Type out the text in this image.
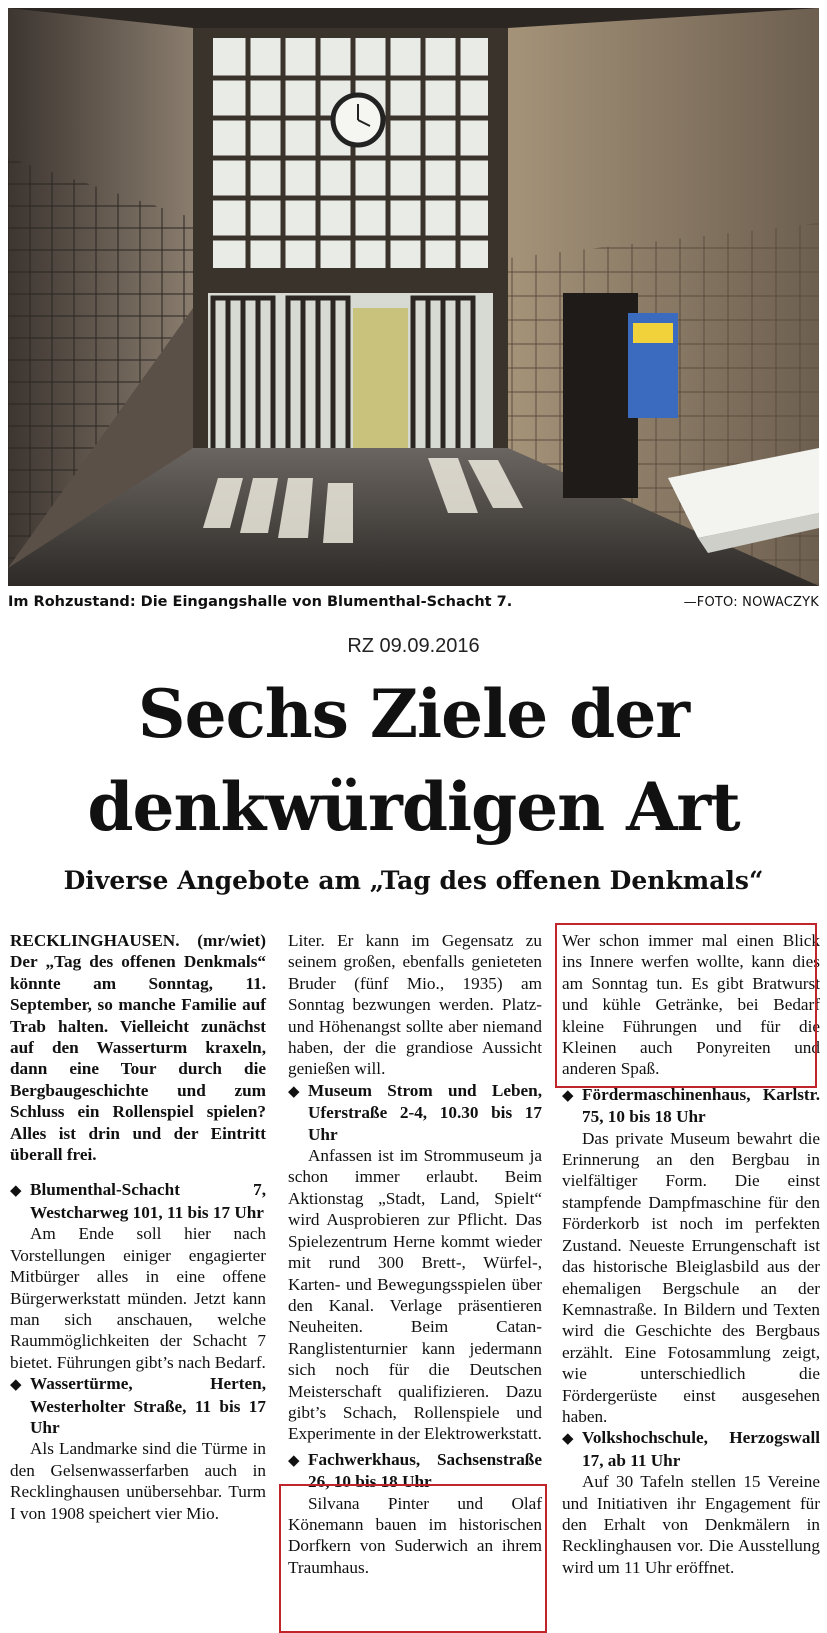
Im Rohzustand: Die Eingangshalle von Blumenthal-Schacht 7.	—FOTO: NOWACZYK
RZ 09.09.2016
Sechs Ziele der
denkwürdigen Art
Diverse Angebote am „Tag des offenen Denkmals“

RECKLINGHAUSEN. (mr/wiet) Der „Tag des offenen Denkmals“ könnte am Sonntag, 11. September, so manche Familie auf Trab halten. Vielleicht zunächst auf den Wasserturm kraxeln, dann eine Tour durch die Bergbaugeschichte und zum Schluss ein Rollenspiel spielen? Alles ist drin und der Eintritt überall frei.

◆ Blumenthal-Schacht 7, Westcharweg 101, 11 bis 17 Uhr

Am Ende soll hier nach Vorstellungen einiger engagierter Mitbürger alles in eine offene Bürgerwerkstatt münden. Jetzt kann man sich anschauen, welche Raummöglichkeiten der Schacht 7 bietet. Führungen gibt’s nach Bedarf.

◆ Wassertürme, Herten, Westerholter Straße, 11 bis 17 Uhr

Als Landmarke sind die Türme in den Gelsenwasserfarben auch in Recklinghausen unübersehbar. Turm I von 1908 speichert vier Mio.

Liter. Er kann im Gegensatz zu seinem großen, ebenfalls genieteten Bruder (fünf Mio., 1935) am Sonntag bezwungen werden. Platz- und Höhenangst sollte aber niemand haben, der die grandiose Aussicht genießen will.

◆ Museum Strom und Leben, Uferstraße 2-4, 10.30 bis 17 Uhr

Anfassen ist im Strommuseum ja schon immer erlaubt. Beim Aktionstag „Stadt, Land, Spielt“ wird Ausprobieren zur Pflicht. Das Spielezentrum Herne kommt wieder mit rund 300 Brett-, Würfel-, Karten- und Bewegungsspielen über den Kanal. Verlage präsentieren Neuheiten. Beim Catan-Ranglistenturnier kann jedermann sich noch für die Deutschen Meisterschaft qualifizieren. Dazu gibt’s Schach, Rollenspiele und Experimente in der Elektrowerkstatt.

◆ Fachwerkhaus, Sachsenstraße 26, 10 bis 18 Uhr

Silvana Pinter und Olaf Könemann bauen im historischen Dorfkern von Suderwich an ihrem Traumhaus.

Wer schon immer mal einen Blick ins Innere werfen wollte, kann dies am Sonntag tun. Es gibt Bratwurst und kühle Getränke, bei Bedarf kleine Führungen und für die Kleinen auch Ponyreiten und anderen Spaß.

◆ Fördermaschinenhaus, Karlstr. 75, 10 bis 18 Uhr

Das private Museum bewahrt die Erinnerung an den Bergbau in vielfältiger Form. Die einst stampfende Dampfmaschine für den Förderkorb ist noch im perfekten Zustand. Neueste Errungenschaft ist das historische Bleiglasbild aus der ehemaligen Bergschule an der Kemnastraße. In Bildern und Texten wird die Geschichte des Bergbaus erzählt. Eine Fotosammlung zeigt, wie unterschiedlich die Fördergerüste einst ausgesehen haben.

◆ Volkshochschule, Herzogswall 17, ab 11 Uhr

Auf 30 Tafeln stellen 15 Vereine und Initiativen ihr Engagement für den Erhalt von Denkmälern in Recklinghausen vor. Die Ausstellung wird um 11 Uhr eröffnet.
